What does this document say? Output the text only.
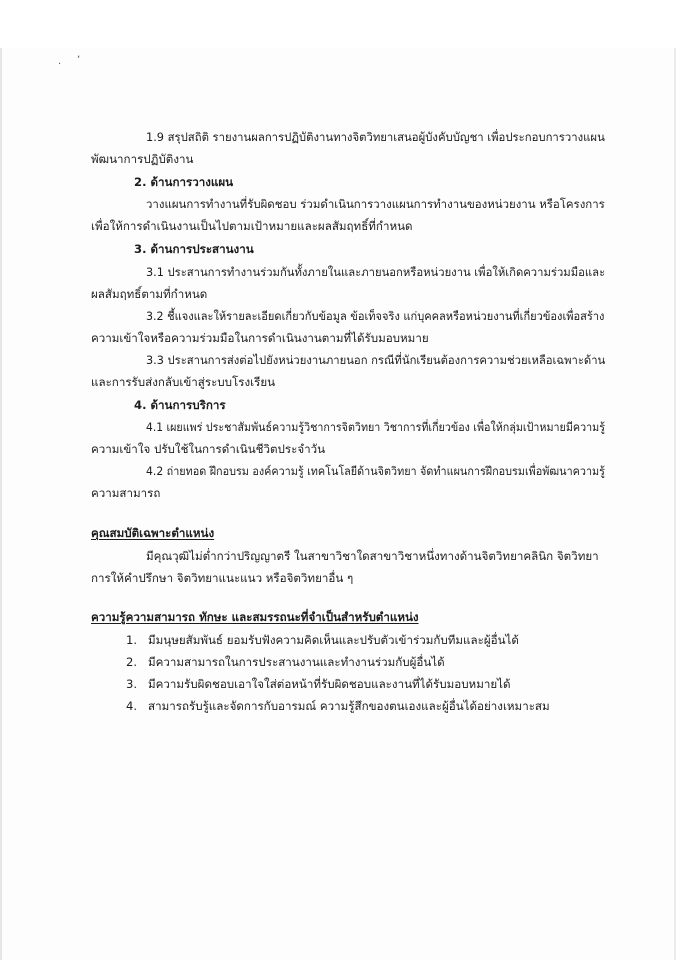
·
‚
1.9 สรุปสถิติ รายงานผลการปฏิบัติงานทางจิตวิทยาเสนอผู้บังคับบัญชา เพื่อประกอบการวางแผน
พัฒนาการปฏิบัติงาน
2. ด้านการวางแผน
วางแผนการทำงานที่รับผิดชอบ ร่วมดำเนินการวางแผนการทำงานของหน่วยงาน หรือโครงการ
เพื่อให้การดำเนินงานเป็นไปตามเป้าหมายและผลสัมฤทธิ์ที่กำหนด
3. ด้านการประสานงาน
3.1 ประสานการทำงานร่วมกันทั้งภายในและภายนอกหรือหน่วยงาน เพื่อให้เกิดความร่วมมือและ
ผลสัมฤทธิ์ตามที่กำหนด
3.2 ชี้แจงและให้รายละเอียดเกี่ยวกับข้อมูล ข้อเท็จจริง แก่บุคคลหรือหน่วยงานที่เกี่ยวข้องเพื่อสร้าง
ความเข้าใจหรือความร่วมมือในการดำเนินงานตามที่ได้รับมอบหมาย
3.3 ประสานการส่งต่อไปยังหน่วยงานภายนอก กรณีที่นักเรียนต้องการความช่วยเหลือเฉพาะด้าน
และการรับส่งกลับเข้าสู่ระบบโรงเรียน
4. ด้านการบริการ
4.1 เผยแพร่ ประชาสัมพันธ์ความรู้วิชาการจิตวิทยา วิชาการที่เกี่ยวข้อง เพื่อให้กลุ่มเป้าหมายมีความรู้
ความเข้าใจ ปรับใช้ในการดำเนินชีวิตประจำวัน
4.2 ถ่ายทอด ฝึกอบรม องค์ความรู้ เทคโนโลยีด้านจิตวิทยา จัดทำแผนการฝึกอบรมเพื่อพัฒนาความรู้
ความสามารถ
คุณสมบัติเฉพาะตำแหน่ง
มีคุณวุฒิไม่ต่ำกว่าปริญญาตรี ในสาขาวิชาใดสาขาวิชาหนึ่งทางด้านจิตวิทยาคลินิก จิตวิทยา
การให้คำปรึกษา จิตวิทยาแนะแนว หรือจิตวิทยาอื่น ๆ
ความรู้ความสามารถ ทักษะ และสมรรถนะที่จำเป็นสำหรับตำแหน่ง
1. มีมนุษยสัมพันธ์ ยอมรับฟังความคิดเห็นและปรับตัวเข้าร่วมกับทีมและผู้อื่นได้
2. มีความสามารถในการประสานงานและทำงานร่วมกับผู้อื่นได้
3. มีความรับผิดชอบเอาใจใส่ต่อหน้าที่รับผิดชอบและงานที่ได้รับมอบหมายได้
4. สามารถรับรู้และจัดการกับอารมณ์ ความรู้สึกของตนเองและผู้อื่นได้อย่างเหมาะสม
